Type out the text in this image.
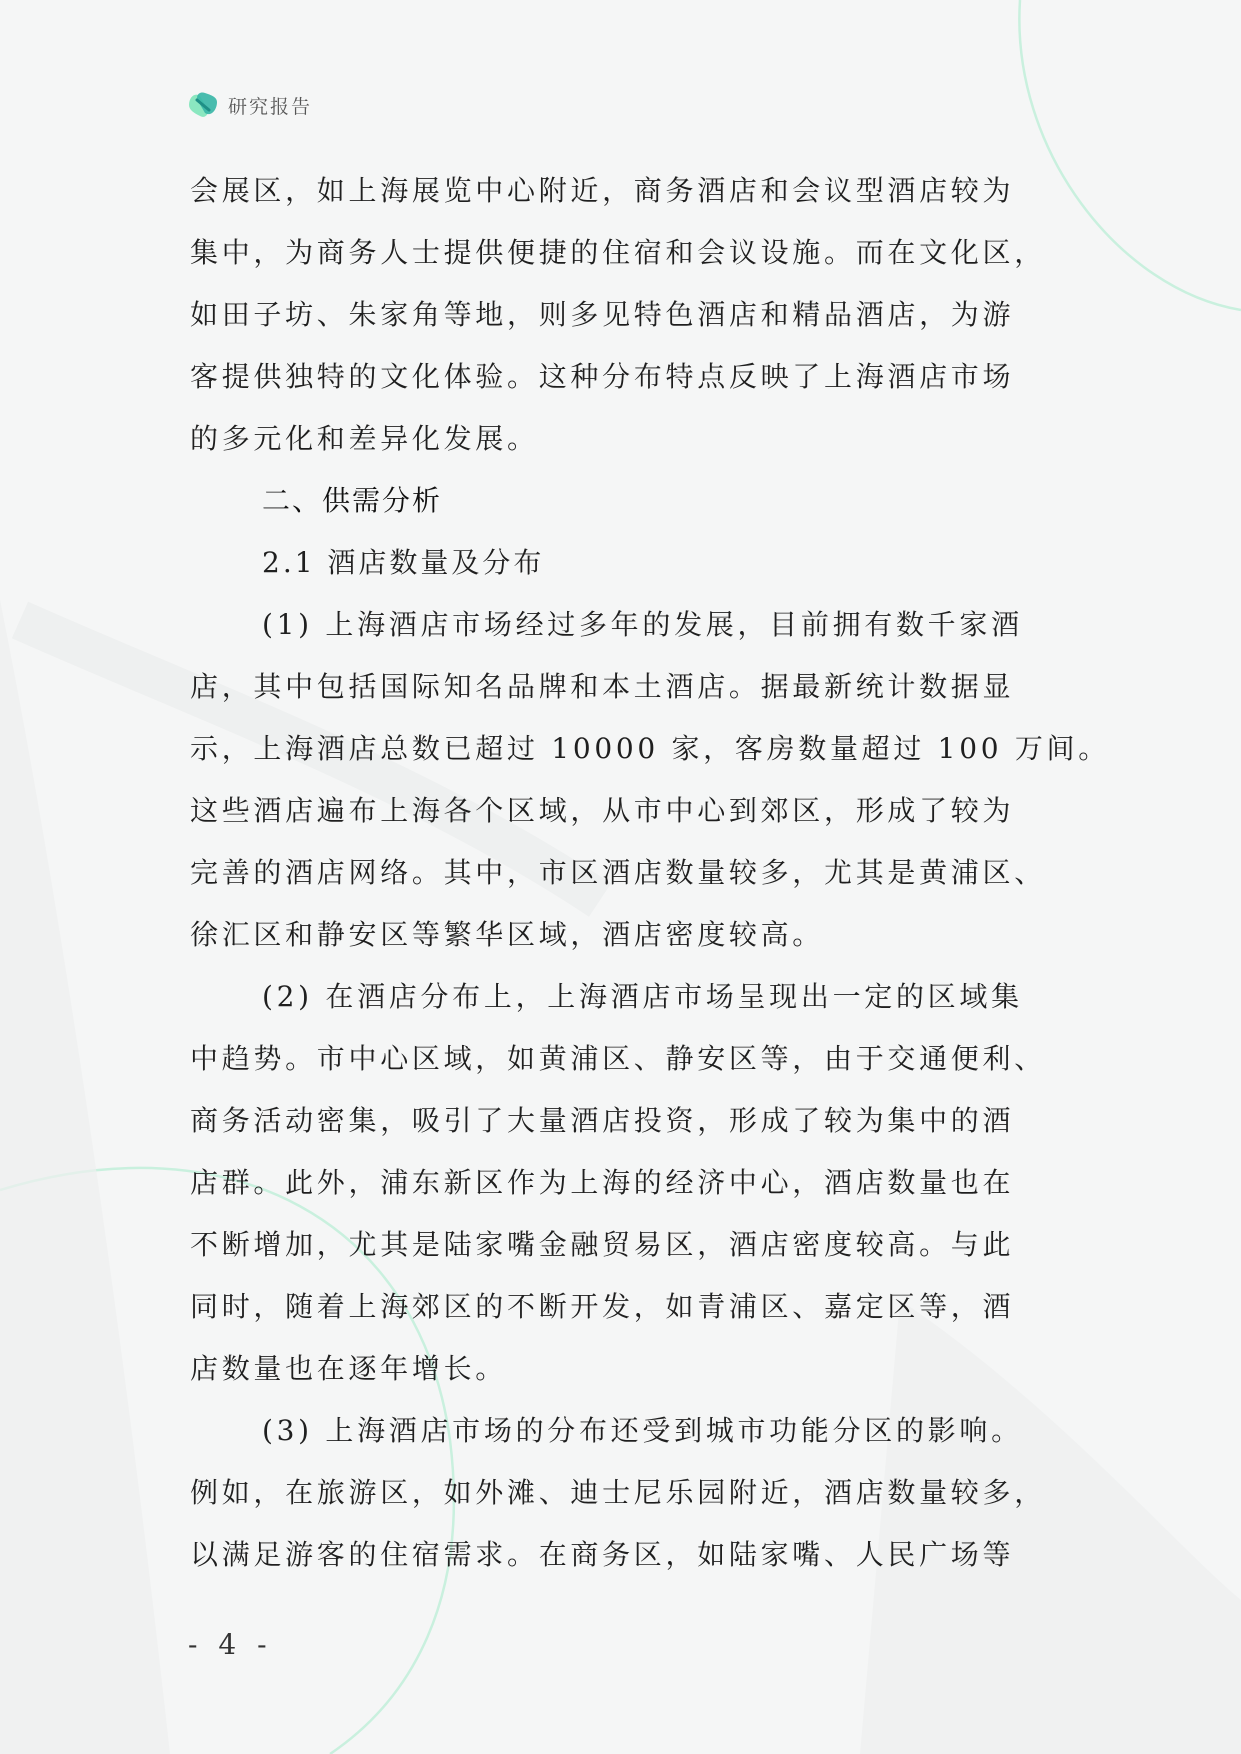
研究报告
会展区，如上海展览中心附近，商务酒店和会议型酒店较为
集中，为商务人士提供便捷的住宿和会议设施。而在文化区，
如田子坊、朱家角等地，则多见特色酒店和精品酒店，为游
客提供独特的文化体验。这种分布特点反映了上海酒店市场
的多元化和差异化发展。
二、供需分析
2.1 酒店数量及分布
(1) 上海酒店市场经过多年的发展，目前拥有数千家酒
店，其中包括国际知名品牌和本土酒店。据最新统计数据显
示，上海酒店总数已超过 10000 家，客房数量超过 100 万间。
这些酒店遍布上海各个区域，从市中心到郊区，形成了较为
完善的酒店网络。其中，市区酒店数量较多，尤其是黄浦区、
徐汇区和静安区等繁华区域，酒店密度较高。
(2) 在酒店分布上，上海酒店市场呈现出一定的区域集
中趋势。市中心区域，如黄浦区、静安区等，由于交通便利、
商务活动密集，吸引了大量酒店投资，形成了较为集中的酒
店群。此外，浦东新区作为上海的经济中心，酒店数量也在
不断增加，尤其是陆家嘴金融贸易区，酒店密度较高。与此
同时，随着上海郊区的不断开发，如青浦区、嘉定区等，酒
店数量也在逐年增长。
(3) 上海酒店市场的分布还受到城市功能分区的影响。
例如，在旅游区，如外滩、迪士尼乐园附近，酒店数量较多，
以满足游客的住宿需求。在商务区，如陆家嘴、人民广场等
- 4 -
